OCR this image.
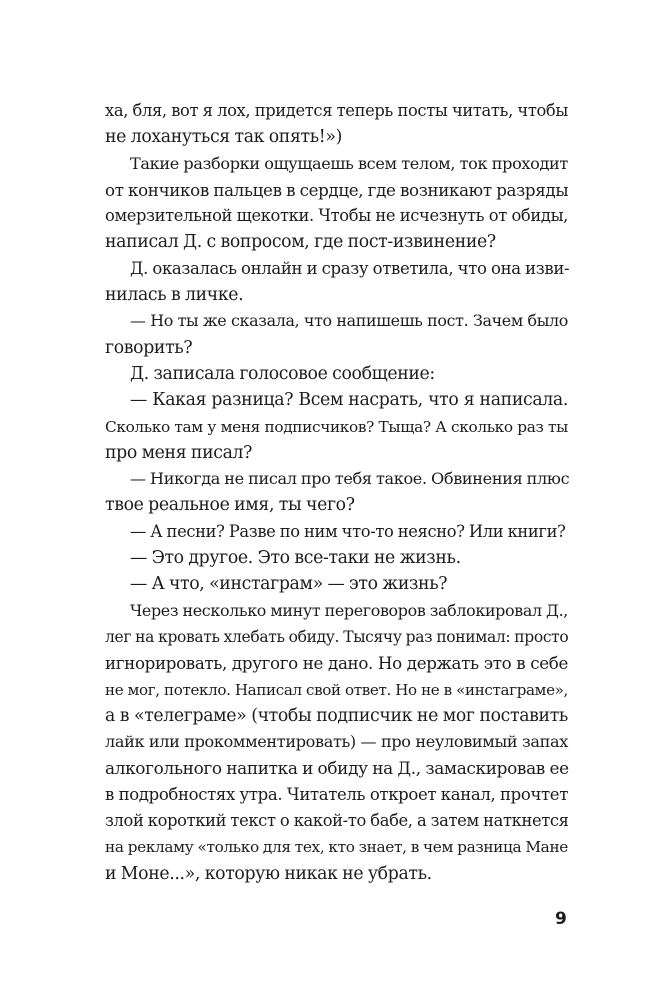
ха, бля, вот я лох, придется теперь посты читать, чтобы
не лохануться так опять!»)
Такие разборки ощущаешь всем телом, ток проходит
от кончиков пальцев в сердце, где возникают разряды
омерзительной щекотки. Чтобы не исчезнуть от обиды,
написал Д. с вопросом, где пост-извинение?
Д. оказалась онлайн и сразу ответила, что она изви-
нилась в личке.
— Но ты же сказала, что напишешь пост. Зачем было
говорить?
Д. записала голосовое сообщение:
— Какая разница? Всем насрать, что я написала.
Сколько там у меня подписчиков? Тыща? А сколько раз ты
про меня писал?
— Никогда не писал про тебя такое. Обвинения плюс
твое реальное имя, ты чего?
— А песни? Разве по ним что-то неясно? Или книги?
— Это другое. Это все-таки не жизнь.
— А что, «инстаграм» — это жизнь?
Через несколько минут переговоров заблокировал Д.,
лег на кровать хлебать обиду. Тысячу раз понимал: просто
игнорировать, другого не дано. Но держать это в себе
не мог, потекло. Написал свой ответ. Но не в «инстаграме»,
а в «телеграме» (чтобы подписчик не мог поставить
лайк или прокомментировать) — про неуловимый запах
алкогольного напитка и обиду на Д., замаскировав ее
в подробностях утра. Читатель откроет канал, прочтет
злой короткий текст о какой-то бабе, а затем наткнется
на рекламу «только для тех, кто знает, в чем разница Мане
и Моне...», которую никак не убрать.
9
